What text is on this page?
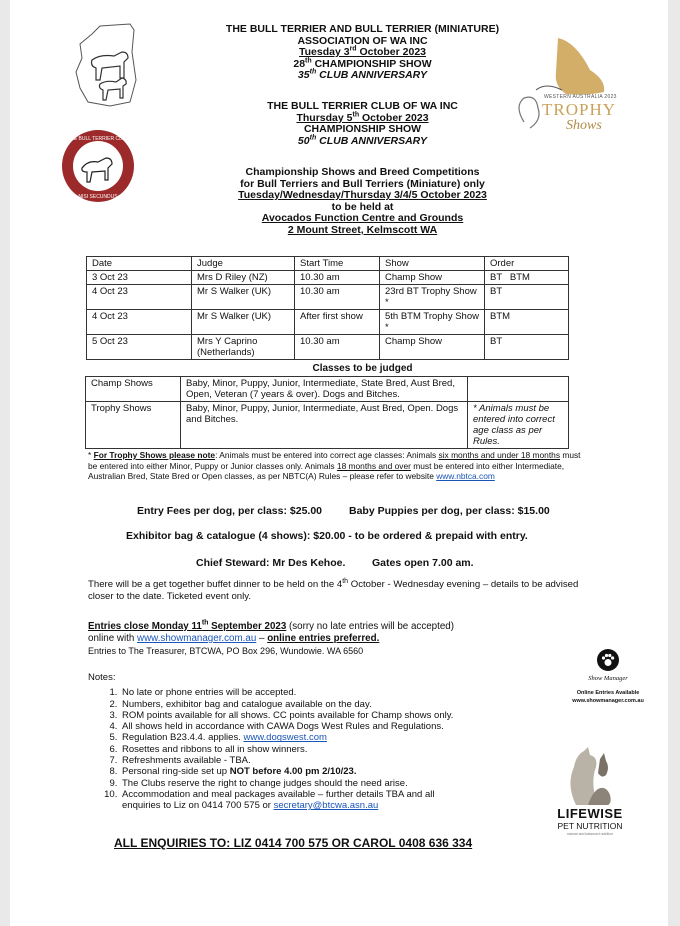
THE BULL TERRIER CLUB
NISI SECUNDUS
WESTERN AUSTRALIA 2023
TROPHY
Shows
THE BULL TERRIER AND BULL TERRIER (MINIATURE)
ASSOCIATION OF WA INC
Tuesday 3rd October 2023
28th CHAMPIONSHIP SHOW
35th CLUB ANNIVERSARY
THE BULL TERRIER CLUB OF WA INC
Thursday 5th October 2023
CHAMPIONSHIP SHOW
50th CLUB ANNIVERSARY
Championship Shows and Breed Competitions
for Bull Terriers and Bull Terriers (Miniature) only
Tuesday/Wednesday/Thursday 3/4/5 October 2023
to be held at
Avocados Function Centre and Grounds
2 Mount Street, Kelmscott WA
Date	Judge	Start Time	Show	Order
3 Oct 23	Mrs D Riley (NZ)	10.30 am	Champ Show	BT   BTM
4 Oct 23	Mr S Walker (UK)	10.30 am	23rd BT Trophy Show *	BT
4 Oct 23	Mr S Walker (UK)	After first show	5th BTM Trophy Show *	BTM
5 Oct 23	Mrs Y Caprino (Netherlands)	10.30 am	Champ Show	BT
Classes to be judged
Champ Shows	Baby, Minor, Puppy, Junior, Intermediate, State Bred, Aust Bred, Open, Veteran (7 years & over). Dogs and Bitches.	
Trophy Shows	Baby, Minor, Puppy, Junior, Intermediate, Aust Bred, Open. Dogs and Bitches.	* Animals must be entered into correct age class as per Rules.
* For Trophy Shows please note: Animals must be entered into correct age classes: Animals six months and under 18 months must be entered into either Minor, Puppy or Junior classes only. Animals 18 months and over must be entered into either Intermediate, Australian Bred, State Bred or Open classes, as per NBTC(A) Rules – please refer to website www.nbtca.com
Entry Fees per dog, per class: $25.00	Baby Puppies per dog, per class: $15.00
Exhibitor bag & catalogue (4 shows): $20.00 - to be ordered & prepaid with entry.
Chief Steward: Mr Des Kehoe.	Gates open 7.00 am.
There will be a get together buffet dinner to be held on the 4th October - Wednesday evening – details to be advised closer to the date. Ticketed event only.
Entries close Monday 11th September 2023 (sorry no late entries will be accepted)
online with www.showmanager.com.au – online entries preferred.
Entries to The Treasurer, BTCWA, PO Box 296, Wundowie. WA 6560
Notes:
1. No late or phone entries will be accepted.
2. Numbers, exhibitor bag and catalogue available on the day.
3. ROM points available for all shows. CC points available for Champ shows only.
4. All shows held in accordance with CAWA Dogs West Rules and Regulations.
5. Regulation B23.4.4. applies. www.dogswest.com
6. Rosettes and ribbons to all in show winners.
7. Refreshments available - TBA.
8. Personal ring-side set up NOT before 4.00 pm 2/10/23.
9. The Clubs reserve the right to change judges should the need arise.
10. Accommodation and meal packages available – further details TBA and all enquiries to Liz on 0414 700 575 or secretary@btcwa.asn.au
Show Manager
Online Entries Available
www.showmanager.com.au
LIFEWISE
PET NUTRITION
natural and balanced nutrition
ALL ENQUIRIES TO: LIZ 0414 700 575 OR CAROL 0408 636 334
